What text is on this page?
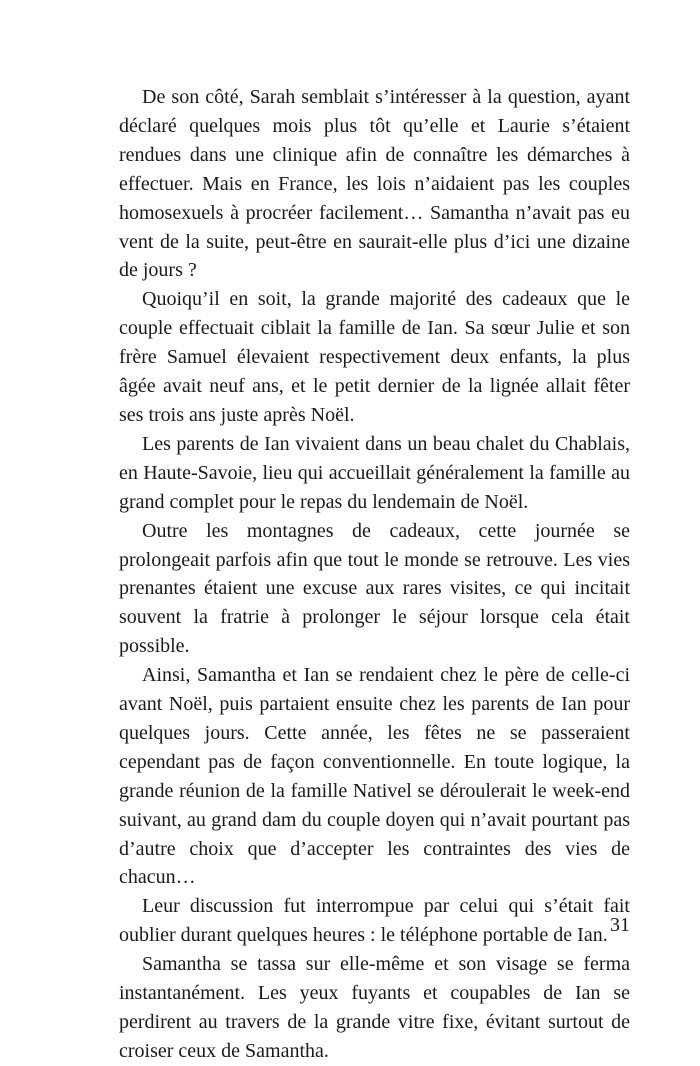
De son côté, Sarah semblait s’intéresser à la question, ayant déclaré quelques mois plus tôt qu’elle et Laurie s’étaient rendues dans une clinique afin de connaître les démarches à effectuer. Mais en France, les lois n’aidaient pas les couples homosexuels à procréer facilement… Samantha n’avait pas eu vent de la suite, peut-être en saurait-elle plus d’ici une dizaine de jours ?

Quoiqu’il en soit, la grande majorité des cadeaux que le couple effectuait ciblait la famille de Ian. Sa sœur Julie et son frère Samuel élevaient respectivement deux enfants, la plus âgée avait neuf ans, et le petit dernier de la lignée allait fêter ses trois ans juste après Noël.

Les parents de Ian vivaient dans un beau chalet du Chablais, en Haute-Savoie, lieu qui accueillait généralement la famille au grand complet pour le repas du lendemain de Noël.

Outre les montagnes de cadeaux, cette journée se prolongeait parfois afin que tout le monde se retrouve. Les vies prenantes étaient une excuse aux rares visites, ce qui incitait souvent la fratrie à prolonger le séjour lorsque cela était possible.

Ainsi, Samantha et Ian se rendaient chez le père de celle-ci avant Noël, puis partaient ensuite chez les parents de Ian pour quelques jours. Cette année, les fêtes ne se passeraient cependant pas de façon conventionnelle. En toute logique, la grande réunion de la famille Nativel se déroulerait le week-end suivant, au grand dam du couple doyen qui n’avait pourtant pas d’autre choix que d’accepter les contraintes des vies de chacun…

Leur discussion fut interrompue par celui qui s’était fait oublier durant quelques heures : le téléphone portable de Ian.

Samantha se tassa sur elle-même et son visage se ferma instantanément. Les yeux fuyants et coupables de Ian se perdirent au travers de la grande vitre fixe, évitant surtout de croiser ceux de Samantha.

31
